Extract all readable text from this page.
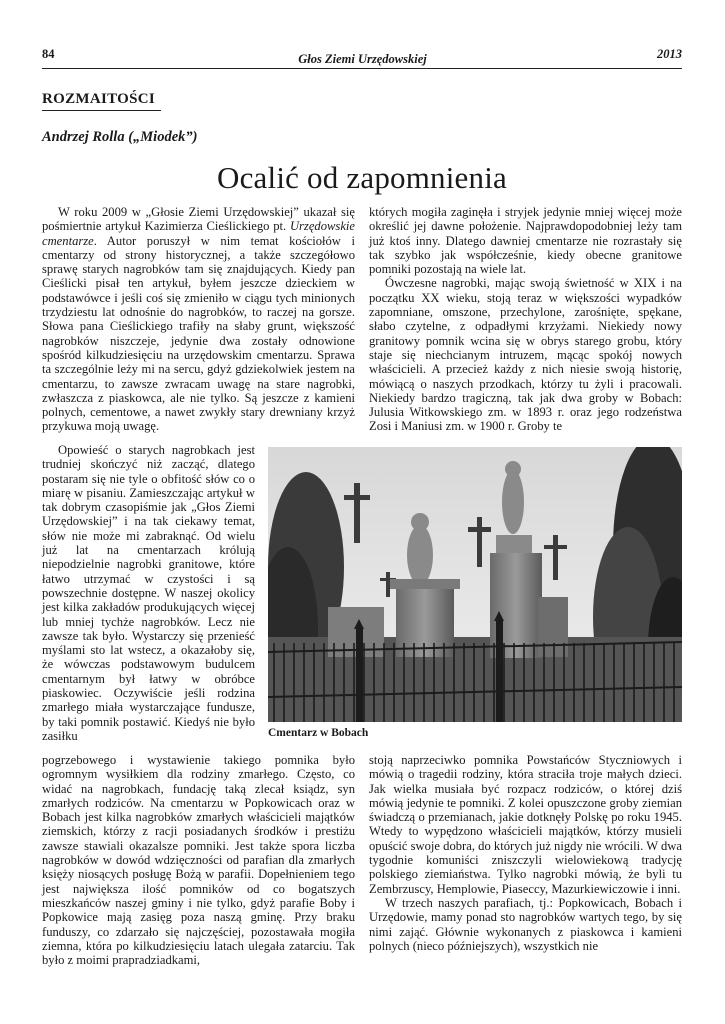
84	Głos Ziemi Urzędowskiej	2013
ROZMAITOŚCI
Andrzej Rolla („Miodek”)
Ocalić od zapomnienia

W roku 2009 w „Głosie Ziemi Urzędowskiej” ukazał się pośmiertnie artykuł Kazimierza Cieślickiego pt. Urzędowskie cmentarze. Autor poruszył w nim temat kościołów i cmentarzy od strony historycznej, a także szczegółowo sprawę starych nagrobków tam się znajdujących. Kiedy pan Cieślicki pisał ten artykuł, byłem jeszcze dzieckiem w podstawówce i jeśli coś się zmieniło w ciągu tych minionych trzydziestu lat odnośnie do nagrobków, to raczej na gorsze. Słowa pana Cieślickiego trafiły na słaby grunt, większość nagrobków niszczeje, jedynie dwa zostały odnowione spośród kilkudziesięciu na urzędowskim cmentarzu. Sprawa ta szczególnie leży mi na sercu, gdyż gdziekolwiek jestem na cmentarzu, to zawsze zwracam uwagę na stare nagrobki, zwłaszcza z piaskowca, ale nie tylko. Są jeszcze z kamieni polnych, cementowe, a nawet zwykły stary drewniany krzyż przykuwa moją uwagę.

Opowieść o starych nagrobkach jest trudniej skończyć niż zacząć, dlatego postaram się nie tyle o obfitość słów co o miarę w pisaniu. Zamieszczając artykuł w tak dobrym czasopiśmie jak „Głos Ziemi Urzędowskiej” i na tak ciekawy temat, słów nie może mi zabraknąć. Od wielu już lat na cmentarzach królują niepodzielnie nagrobki granitowe, które łatwo utrzymać w czystości i są powszechnie dostępne. W naszej okolicy jest kilka zakładów produkujących więcej lub mniej tychże nagrobków. Lecz nie zawsze tak było. Wystarczy się przenieść myślami sto lat wstecz, a okazałoby się, że wówczas podstawowym budulcem cmentarnym był łatwy w obróbce piaskowiec. Oczywiście jeśli rodzina zmarłego miała wystarczające fundusze, by taki pomnik postawić. Kiedyś nie było zasiłku

pogrzebowego i wystawienie takiego pomnika było ogromnym wysiłkiem dla rodziny zmarłego. Często, co widać na nagrobkach, fundację taką zlecał ksiądz, syn zmarłych rodziców. Na cmentarzu w Popkowicach oraz w Bobach jest kilka nagrobków zmarłych właścicieli majątków ziemskich, którzy z racji posiadanych środków i prestiżu zawsze stawiali okazalsze pomniki. Jest także spora liczba nagrobków w dowód wdzięczności od parafian dla zmarłych księży niosących posługę Bożą w parafii. Dopełnieniem tego jest największa ilość pomników od co bogatszych mieszkańców naszej gminy i nie tylko, gdyż parafie Boby i Popkowice mają zasięg poza naszą gminę. Przy braku funduszy, co zdarzało się najczęściej, pozostawała mogiła ziemna, która po kilkudziesięciu latach ulegała zatarciu. Tak było z moimi prapradziadkami,

których mogiła zaginęła i stryjek jedynie mniej więcej może określić jej dawne położenie. Najprawdopodobniej leży tam już ktoś inny. Dlatego dawniej cmentarze nie rozrastały się tak szybko jak współcześnie, kiedy obecne granitowe pomniki pozostają na wiele lat.

Ówczesne nagrobki, mając swoją świetność w XIX i na początku XX wieku, stoją teraz w większości wypadków zapomniane, omszone, przechylone, zarośnięte, spękane, słabo czytelne, z odpadłymi krzyżami. Niekiedy nowy granitowy pomnik wcina się w obrys starego grobu, który staje się niechcianym intruzem, mącąc spokój nowych właścicieli. A przecież każdy z nich niesie swoją historię, mówiącą o naszych przodkach, którzy tu żyli i pracowali. Niekiedy bardzo tragiczną, tak jak dwa groby w Bobach: Julusia Witkowskiego zm. w 1893 r. oraz jego rodzeństwa Zosi i Maniusi zm. w 1900 r. Groby te

Cmentarz w Bobach

stoją naprzeciwko pomnika Powstańców Styczniowych i mówią o tragedii rodziny, która straciła troje małych dzieci. Jak wielka musiała być rozpacz rodziców, o której dziś mówią jedynie te pomniki. Z kolei opuszczone groby ziemian świadczą o przemianach, jakie dotknęły Polskę po roku 1945. Wtedy to wypędzono właścicieli majątków, którzy musieli opuścić swoje dobra, do których już nigdy nie wrócili. W dwa tygodnie komuniści zniszczyli wielowiekową tradycję polskiego ziemiaństwa. Tylko nagrobki mówią, że byli tu Zembrzuscy, Hemplowie, Piaseccy, Mazurkiewiczowie i inni.

W trzech naszych parafiach, tj.: Popkowicach, Bobach i Urzędowie, mamy ponad sto nagrobków wartych tego, by się nimi zająć. Głównie wykonanych z piaskowca i kamieni polnych (nieco późniejszych), wszystkich nie
